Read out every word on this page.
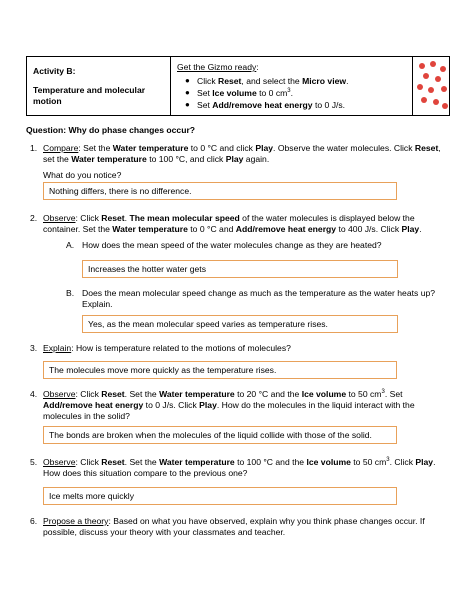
Activity B:
Temperature and molecular motion
Get the Gizmo ready:
● Click Reset, and select the Micro view.
● Set Ice volume to 0 $cm^3$.
● Set Add/remove heat energy to 0 J/s.
Question: Why do phase changes occur?
1. Compare: Set the Water temperature to 0 °C and click Play. Observe the water molecules. Click Reset,
set the Water temperature to 100 °C, and click Play again.
What do you notice?
Nothing differs, there is no difference.
2. Observe: Click Reset. The mean molecular speed of the water molecules is displayed below the
container. Set the Water temperature to 0 °C and Add/remove heat energy to 400 J/s. Click Play.
A. How does the mean speed of the water molecules change as they are heated?
Increases the hotter water gets
B. Does the mean molecular speed change as much as the temperature as the water heats up?
Explain.
Yes, as the mean molecular speed varies as temperature rises.
3. Explain: How is temperature related to the motions of molecules?
The molecules move more quickly as the temperature rises.
4. Observe: Click Reset. Set the Water temperature to 20 °C and the Ice volume to 50 $cm^3$. Set
Add/remove heat energy to 0 J/s. Click Play. How do the molecules in the liquid interact with the
molecules in the solid?
The bonds are broken when the molecules of the liquid collide with those of the solid.
5. Observe: Click Reset. Set the Water temperature to 100 °C and the Ice volume to 50 $cm^3$. Click Play.
How does this situation compare to the previous one?
Ice melts more quickly
6. Propose a theory: Based on what you have observed, explain why you think phase changes occur. If
possible, discuss your theory with your classmates and teacher.
